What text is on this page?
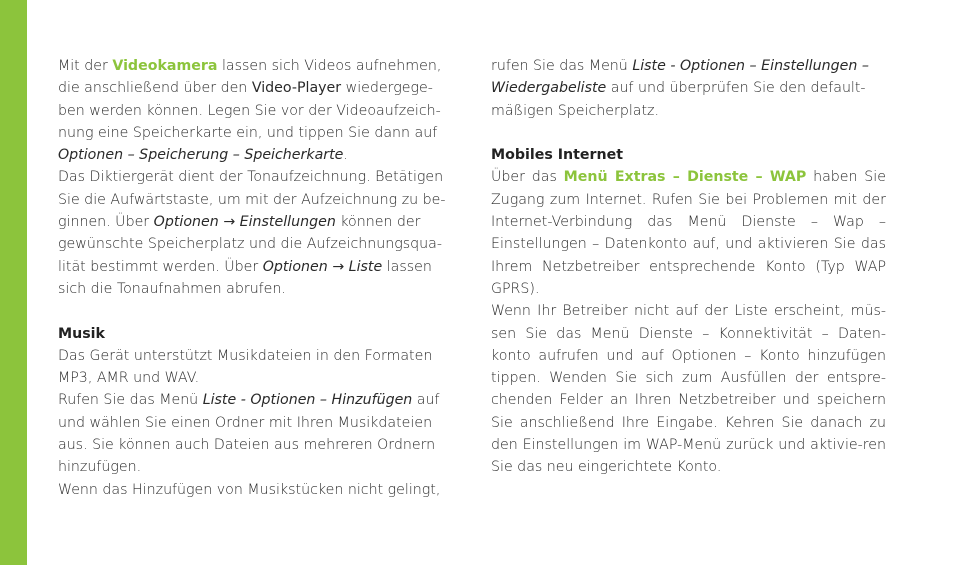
Mit der Videokamera lassen sich Videos aufnehmen, die anschließend über den Video-Player wiedergege-ben werden können. Legen Sie vor der Videoaufzeich-nung eine Speicherkarte ein, und tippen Sie dann auf Optionen – Speicherung – Speicherkarte.

Das Diktiergerät dient der Tonaufzeichnung. Betätigen Sie die Aufwärtstaste, um mit der Aufzeichnung zu be-ginnen. Über Optionen → Einstellungen können der gewünschte Speicherplatz und die Aufzeichnungsqua-lität bestimmt werden. Über Optionen → Liste lassen sich die Tonaufnahmen abrufen.

Musik

Das Gerät unterstützt Musikdateien in den Formaten MP3, AMR und WAV.

Rufen Sie das Menü Liste - Optionen – Hinzufügen auf und wählen Sie einen Ordner mit Ihren Musikdateien aus. Sie können auch Dateien aus mehreren Ordnern hinzufügen.

Wenn das Hinzufügen von Musikstücken nicht gelingt,

rufen Sie das Menü Liste - Optionen – Einstellungen – Wiedergabeliste auf und überprüfen Sie den default-mäßigen Speicherplatz.

Mobiles Internet

Über das Menü Extras – Dienste – WAP haben Sie Zugang zum Internet. Rufen Sie bei Problemen mit der Internet-Verbindung das Menü Dienste – Wap – Einstellungen – Datenkonto auf, und aktivieren Sie das Ihrem Netzbetreiber entsprechende Konto (Typ WAP GPRS).

Wenn Ihr Betreiber nicht auf der Liste erscheint, müs-sen Sie das Menü Dienste – Konnektivität – Daten-konto aufrufen und auf Optionen – Konto hinzufügen tippen. Wenden Sie sich zum Ausfüllen der entspre-chenden Felder an Ihren Netzbetreiber und speichern Sie anschließend Ihre Eingabe. Kehren Sie danach zu den Einstellungen im WAP-Menü zurück und aktivie-ren Sie das neu eingerichtete Konto.
